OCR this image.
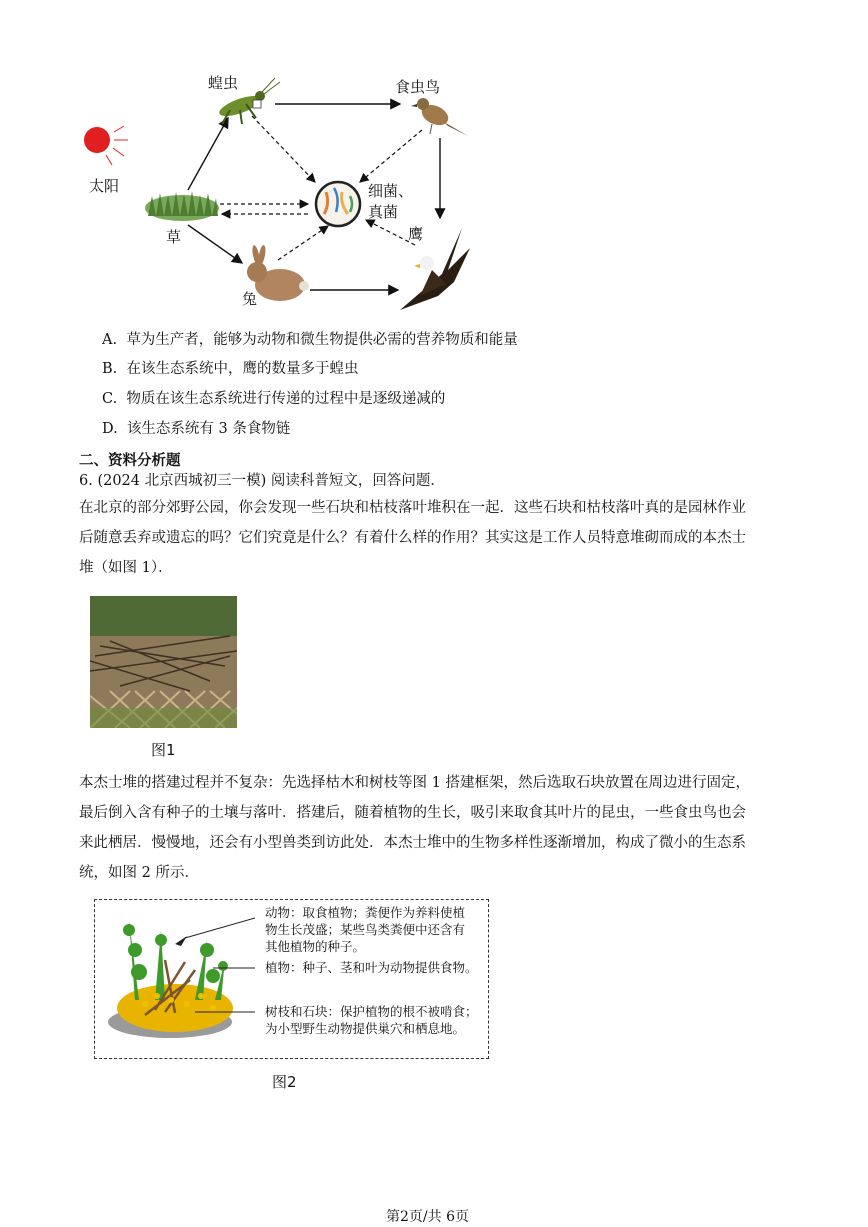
蝗虫	食虫鸟
太阳	细菌、
真菌
鹰
草
兔
A. 草为生产者，能够为动物和微生物提供必需的营养物质和能量
B. 在该生态系统中，鹰的数量多于蝗虫
C. 物质在该生态系统进行传递的过程中是逐级递减的
D. 该生态系统有 3 条食物链
二、资料分析题
6. (2024 北京西城初三一模) 阅读科普短文，回答问题．
在北京的部分郊野公园，你会发现一些石块和枯枝落叶堆积在一起．这些石块和枯枝落叶真的是园林作业
后随意丢弃或遗忘的吗？它们究竟是什么？有着什么样的作用？其实这是工作人员特意堆砌而成的本杰士
堆（如图 1）．
图1
本杰士堆的搭建过程并不复杂：先选择枯木和树枝等图 1 搭建框架，然后选取石块放置在周边进行固定，
最后倒入含有种子的土壤与落叶．搭建后，随着植物的生长，吸引来取食其叶片的昆虫，一些食虫鸟也会
来此栖居．慢慢地，还会有小型兽类到访此处．本杰士堆中的生物多样性逐渐增加，构成了微小的生态系
统，如图 2 所示．
动物：取食植物；粪便作为养料使植
物生长茂盛；某些鸟类粪便中还含有
其他植物的种子。
植物：种子、茎和叶为动物提供食物。
树枝和石块：保护植物的根不被啃食；
为小型野生动物提供巢穴和栖息地。
图2
第2页/共 6页
